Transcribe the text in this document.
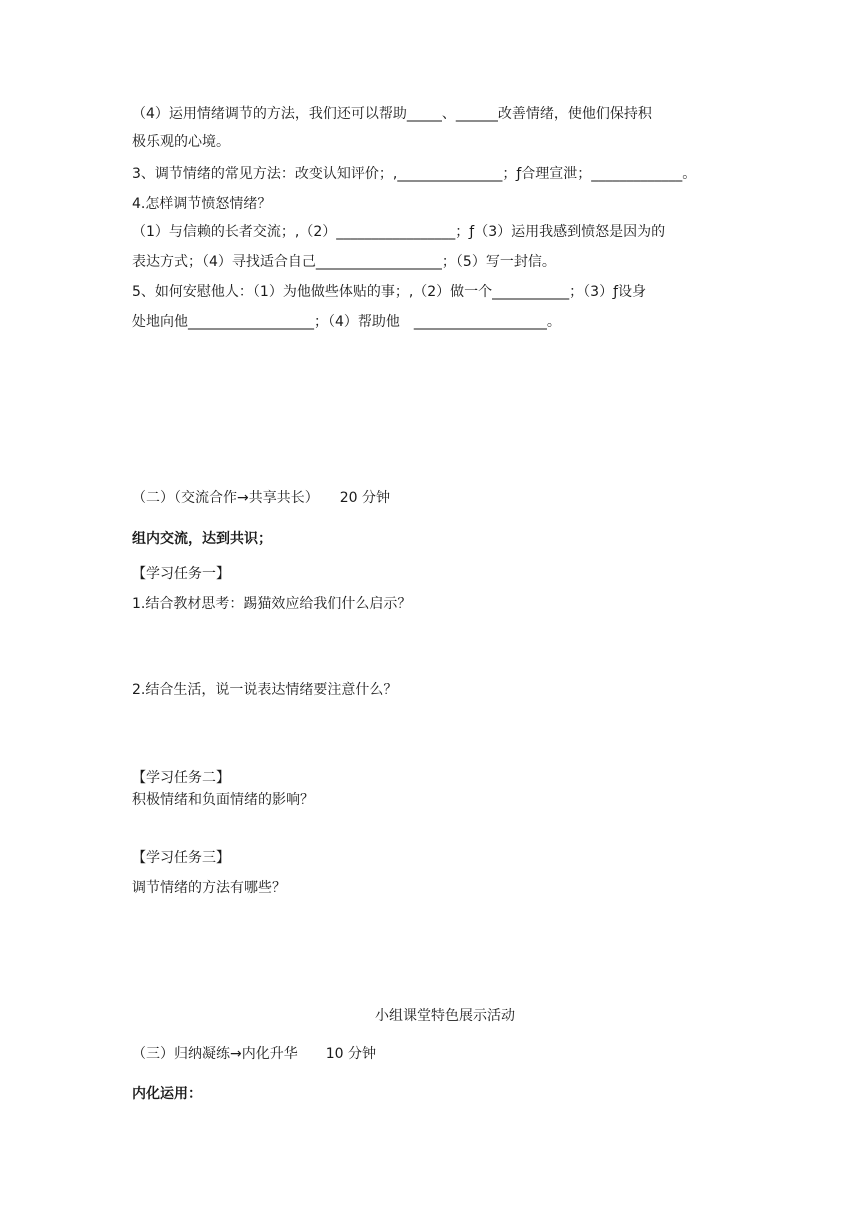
（4）运用情绪调节的方法，我们还可以帮助_____、______改善情绪，使他们保持积
极乐观的心境。
3、调节情绪的常见方法：改变认知评价；,_______________；ƒ合理宣泄；_____________。
4.怎样调节愤怒情绪？
（1）与信赖的长者交流；,（2）_________________；ƒ（3）运用我感到愤怒是因为的
表达方式；（4）寻找适合自己__________________；（5）写一封信。
5、如何安慰他人：（1）为他做些体贴的事；,（2）做一个___________；（3）ƒ设身
处地向他__________________；（4）帮助他　___________________。
（二）（交流合作→共享共长）　　20 分钟
组内交流，达到共识；
【学习任务一】
1.结合教材思考：踢猫效应给我们什么启示？
2.结合生活，说一说表达情绪要注意什么？
【学习任务二】
积极情绪和负面情绪的影响？
【学习任务三】
调节情绪的方法有哪些？
小组课堂特色展示活动
（三）归纳凝练→内化升华　　10 分钟
内化运用：
